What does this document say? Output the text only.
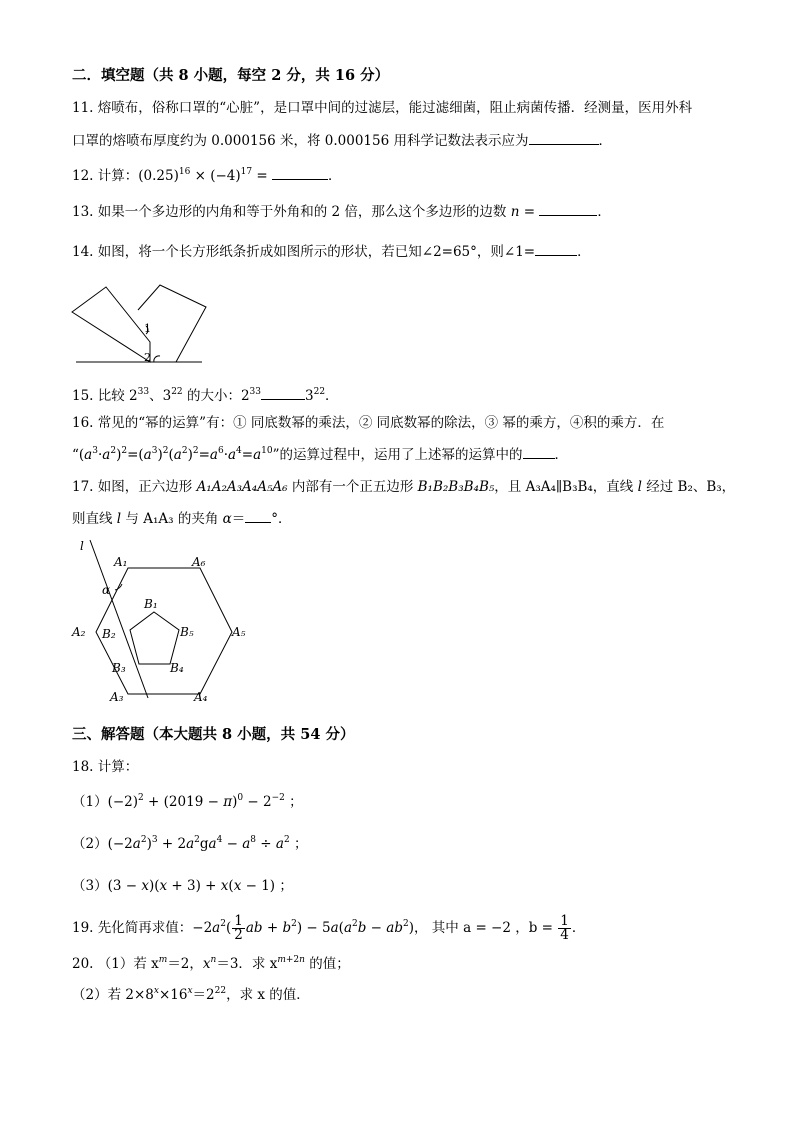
二．填空题（共 8 小题，每空 2 分，共 16 分）
11. 熔喷布，俗称口罩的“心脏”，是口罩中间的过滤层，能过滤细菌，阻止病菌传播．经测量，医用外科
口罩的熔喷布厚度约为 0.000156 米，将 0.000156 用科学记数法表示应为	．
12. 计算：$(0.25)^{16} \times (-4)^{17}$ =	．
13. 如果一个多边形的内角和等于外角和的 2 倍，那么这个多边形的边数 n =	．
14. 如图，将一个长方形纸条折成如图所示的形状，若已知∠2=65°，则∠1=	．
1
2
15. 比较 $2^{33}$、$3^{22}$ 的大小：$2^{33}$	$3^{22}$．
16. 常见的“幂的运算”有：① 同底数幂的乘法，② 同底数幂的除法，③ 幂的乘方，④积的乘方．在
“$(a^3\cdot a^2)^2=(a^3)^2(a^2)^2=a^6\cdot a^4=a^{10}$”的运算过程中，运用了上述幂的运算中的 ．
17. 如图，正六边形 A₁A₂A₃A₄A₅A₆ 内部有一个正五边形 B₁B₂B₃B₄B₅，且 A₃A₄∥B₃B₄，直线 l 经过 B₂、B₃，
则直线 l 与 A₁A₃ 的夹角 α＝ °．
l
α
A₁
A₂
A₃	A₄
A₅
A₆
B₁
B₂
B₃	B₄
B₅
三、解答题（本大题共 8 小题，共 54 分）
18. 计算：
$(1)(-2)^2 + (2019 - \pi)^0 - 2^{-2}$ ；
$(2)(-2a^2)^3 + 2a^2ga^4 - a^8 \div a^2$ ；
（3）(3 − x)(x + 3) + x(x − 1) ；
19. 先化简再求值：$-2a^2( \frac{1}{2}$ ab + $b^2) - 5a(a^2b - ab^2)$， 其中 a = −2 ，$b = \frac{1}{4}$ ．
20. （1）若 $x^m=2$，$x^n=3$．求 $x^{m+2n}$ 的值；
（2）若 $2\times 8^x\times 16^x=2^{22}$，求 x 的值．
